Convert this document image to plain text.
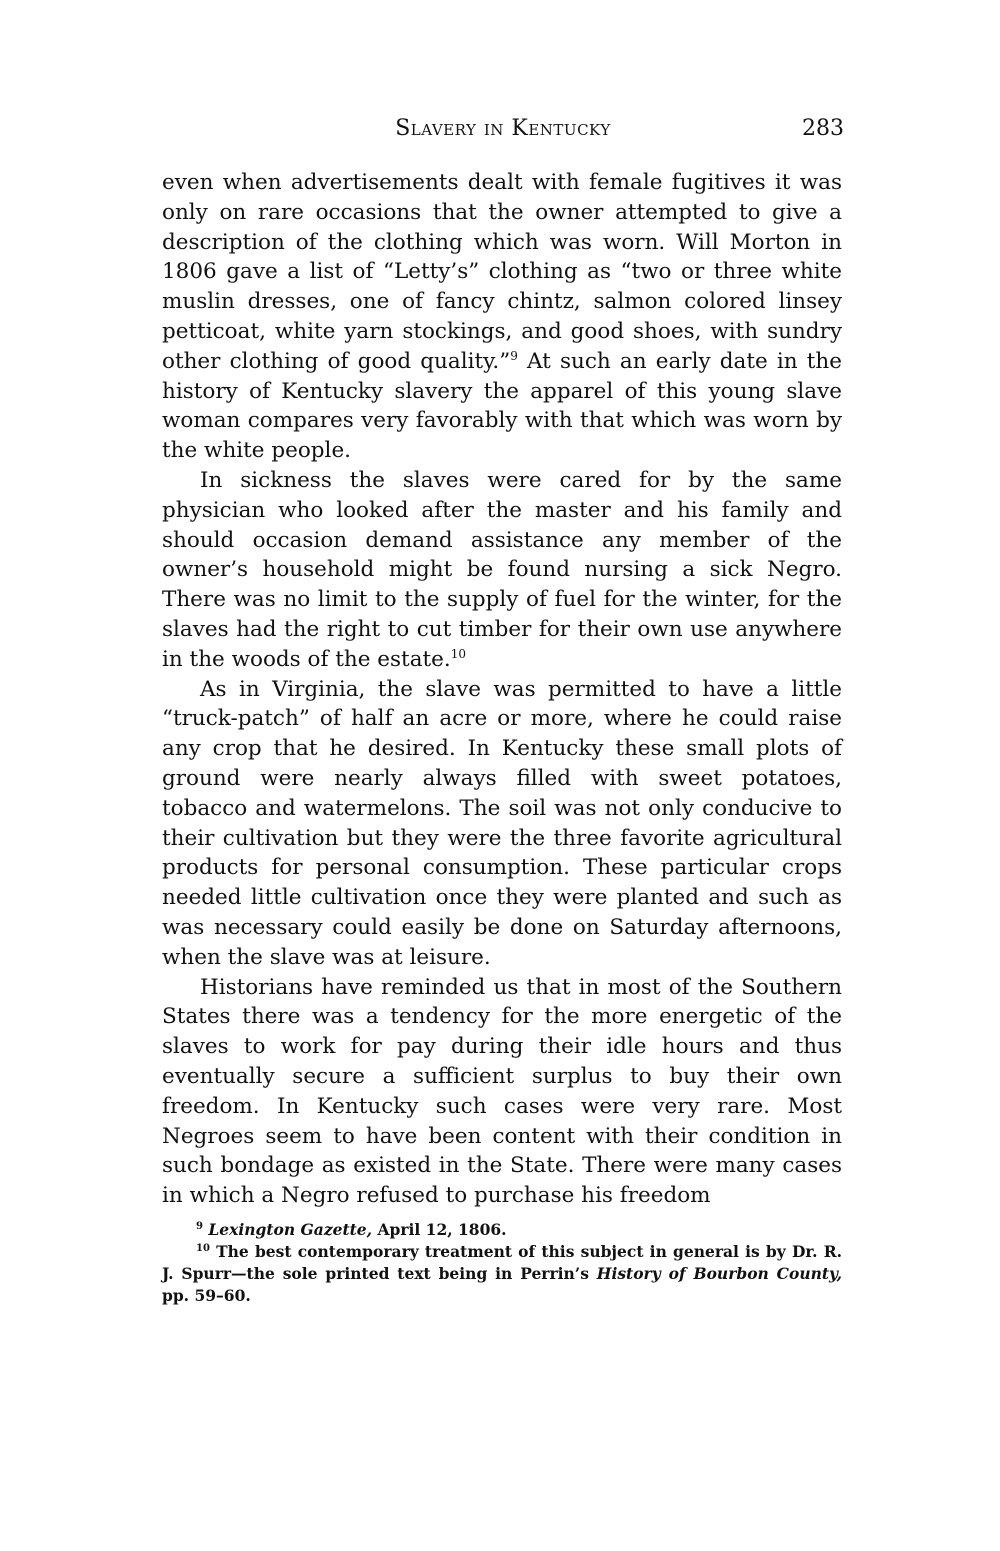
Slavery in Kentucky	283

even when advertisements dealt with female fugitives it was only on rare occasions that the owner attempted to give a description of the clothing which was worn. Will Morton in 1806 gave a list of “Letty’s” clothing as “two or three white muslin dresses, one of fancy chintz, salmon colored linsey petticoat, white yarn stockings, and good shoes, with sundry other clothing of good quality.”$^9$ At such an early date in the history of Kentucky slavery the apparel of this young slave woman compares very favorably with that which was worn by the white people.

In sickness the slaves were cared for by the same physician who looked after the master and his family and should occasion demand assistance any member of the owner’s household might be found nursing a sick Negro. There was no limit to the supply of fuel for the winter, for the slaves had the right to cut timber for their own use anywhere in the woods of the estate.$^{10}$

As in Virginia, the slave was permitted to have a little “truck-patch” of half an acre or more, where he could raise any crop that he desired. In Kentucky these small plots of ground were nearly always filled with sweet potatoes, tobacco and watermelons. The soil was not only conducive to their cultivation but they were the three favorite agricultural products for personal consumption. These particular crops needed little cultivation once they were planted and such as was necessary could easily be done on Saturday afternoons, when the slave was at leisure.

Historians have reminded us that in most of the Southern States there was a tendency for the more energetic of the slaves to work for pay during their idle hours and thus eventually secure a sufficient surplus to buy their own freedom. In Kentucky such cases were very rare. Most Negroes seem to have been content with their condition in such bondage as existed in the State. There were many cases in which a Negro refused to purchase his freedom

$^9$ Lexington Gazette, April 12, 1806.

$^{10}$ The best contemporary treatment of this subject in general is by Dr. R. J. Spurr—the sole printed text being in Perrin’s History of Bourbon County, pp. 59–60.
